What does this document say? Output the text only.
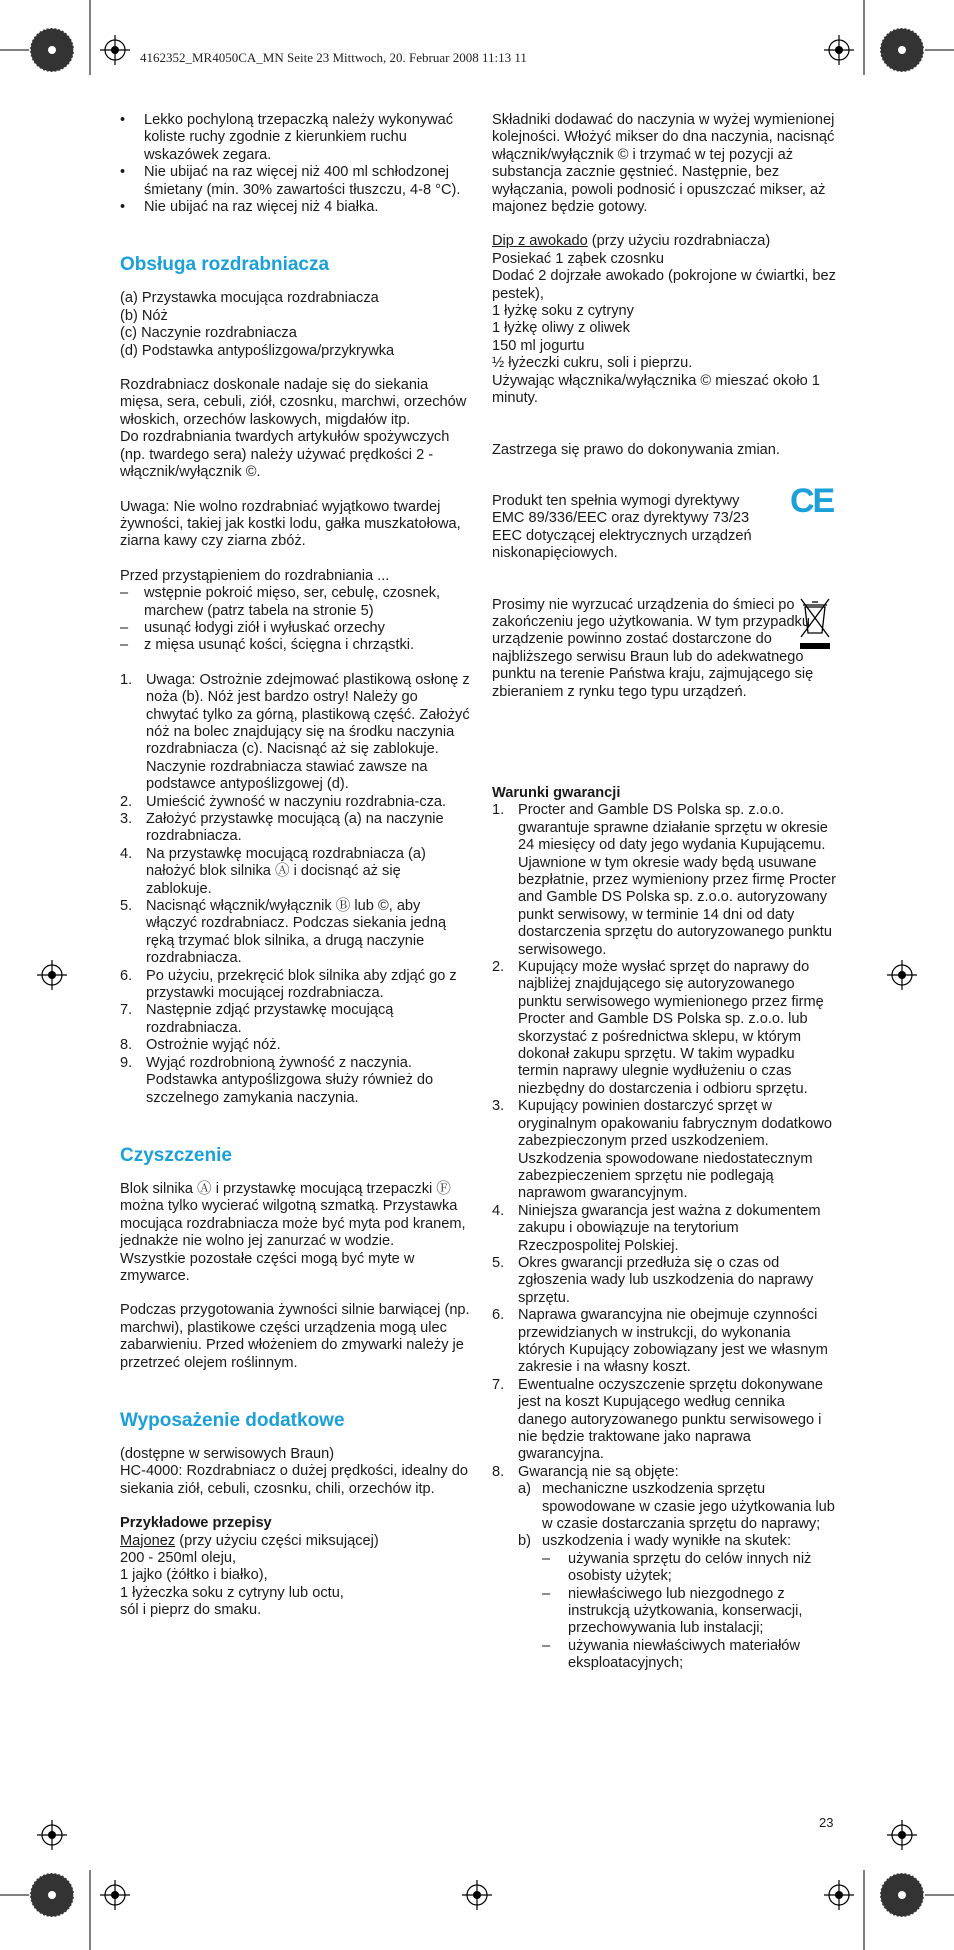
4162352_MR4050CA_MN Seite 23 Mittwoch, 20. Februar 2008 11:13 11
• Lekko pochyloną trzepaczką należy wykonywać koliste ruchy zgodnie z kierunkiem ruchu wskazówek zegara.
• Nie ubijać na raz więcej niż 400 ml schłodzonej śmietany (min. 30% zawartości tłuszczu, 4-8 °C).
• Nie ubijać na raz więcej niż 4 białka.
Obsługa rozdrabniacza

(a) Przystawka mocująca rozdrabniacza

(b) Nóż

(c) Naczynie rozdrabniacza

(d) Podstawka antypoślizgowa/przykrywka

Rozdrabniacz doskonale nadaje się do siekania mięsa, sera, cebuli, ziół, czosnku, marchwi, orzechów włoskich, orzechów laskowych, migdałów itp.

Do rozdrabniania twardych artykułów spożywczych (np. twardego sera) należy używać prędkości 2 -włącznik/wyłącznik ©.

Uwaga: Nie wolno rozdrabniać wyjątkowo twardej żywności, takiej jak kostki lodu, gałka muszkatołowa, ziarna kawy czy ziarna zbóż.

Przed przystąpieniem do rozdrabniania ...

– wstępnie pokroić mięso, ser, cebulę, czosnek, marchew (patrz tabela na stronie 5)
– usunąć łodygi ziół i wyłuskać orzechy
– z mięsa usunąć kości, ścięgna i chrząstki.
1. Uwaga: Ostrożnie zdejmować plastikową osłonę z noża (b). Nóż jest bardzo ostry! Należy go chwytać tylko za górną, plastikową część. Założyć nóż na bolec znajdujący się na środku naczynia rozdrabniacza (c). Nacisnąć aż się zablokuje. Naczynie rozdrabniacza stawiać zawsze na podstawce antypoślizgowej (d).
2. Umieścić żywność w naczyniu rozdrabnia-cza.
3. Założyć przystawkę mocującą (a) na naczynie rozdrabniacza.
4. Na przystawkę mocującą rozdrabniacza (a) nałożyć blok silnika Ⓐ i docisnąć aż się zablokuje.
5. Nacisnąć włącznik/wyłącznik Ⓑ lub ©, aby włączyć rozdrabniacz. Podczas siekania jedną ręką trzymać blok silnika, a drugą naczynie rozdrabniacza.
6. Po użyciu, przekręcić blok silnika aby zdjąć go z przystawki mocującej rozdrabniacza.
7. Następnie zdjąć przystawkę mocującą rozdrabniacza.
8. Ostrożnie wyjąć nóż.
9. Wyjąć rozdrobnioną żywność z naczynia. Podstawka antypoślizgowa służy również do szczelnego zamykania naczynia.
Czyszczenie

Blok silnika Ⓐ i przystawkę mocującą trzepaczki Ⓕ można tylko wycierać wilgotną szmatką. Przystawka mocująca rozdrabniacza może być myta pod kranem, jednakże nie wolno jej zanurzać w wodzie.

Wszystkie pozostałe części mogą być myte w zmywarce.

Podczas przygotowania żywności silnie barwiącej (np. marchwi), plastikowe części urządzenia mogą ulec zabarwieniu. Przed włożeniem do zmywarki należy je przetrzeć olejem roślinnym.

Wyposażenie dodatkowe

(dostępne w serwisowych Braun)

HC-4000: Rozdrabniacz o dużej prędkości, idealny do siekania ziół, cebuli, czosnku, chili, orzechów itp.

Przykładowe przepisy

Majonez (przy użyciu części miksującej)

200 - 250ml oleju,

1 jajko (żółtko i białko),

1 łyżeczka soku z cytryny lub octu,

sól i pieprz do smaku.

Składniki dodawać do naczynia w wyżej wymienionej kolejności. Włożyć mikser do dna naczynia, nacisnąć włącznik/wyłącznik © i trzymać w tej pozycji aż substancja zacznie gęstnieć. Następnie, bez wyłączania, powoli podnosić i opuszczać mikser, aż majonez będzie gotowy.

Dip z awokado (przy użyciu rozdrabniacza)

Posiekać 1 ząbek czosnku

Dodać 2 dojrzałe awokado (pokrojone w ćwiartki, bez pestek),

1 łyżkę soku z cytryny

1 łyżkę oliwy z oliwek

150 ml jogurtu

½ łyżeczki cukru, soli i pieprzu.

Używając włącznika/wyłącznika © mieszać około 1 minuty.

Zastrzega się prawo do dokonywania zmian.

Produkt ten spełnia wymogi dyrektywy EMC 89/336/EEC oraz dyrektywy 73/23 EEC dotyczącej elektrycznych urządzeń niskonapięciowych.

CE

Prosimy nie wyrzucać urządzenia do śmieci po zakończeniu jego użytkowania. W tym przypadku urządzenie powinno zostać dostarczone do najbliższego serwisu Braun lub do adekwatnego punktu na terenie Państwa kraju, zajmującego się zbieraniem z rynku tego typu urządzeń.

Warunki gwarancji

1. Procter and Gamble DS Polska sp. z.o.o. gwarantuje sprawne działanie sprzętu w okresie 24 miesięcy od daty jego wydania Kupującemu. Ujawnione w tym okresie wady będą usuwane bezpłatnie, przez wymieniony przez firmę Procter and Gamble DS Polska sp. z.o.o. autoryzowany punkt serwisowy, w terminie 14 dni od daty dostarczenia sprzętu do autoryzowanego punktu serwisowego.
2. Kupujący może wysłać sprzęt do naprawy do najbliżej znajdującego się autoryzowanego punktu serwisowego wymienionego przez firmę Procter and Gamble DS Polska sp. z.o.o. lub skorzystać z pośrednictwa sklepu, w którym dokonał zakupu sprzętu. W takim wypadku termin naprawy ulegnie wydłużeniu o czas niezbędny do dostarczenia i odbioru sprzętu.
3. Kupujący powinien dostarczyć sprzęt w oryginalnym opakowaniu fabrycznym dodatkowo zabezpieczonym przed uszkodzeniem. Uszkodzenia spowodowane niedostatecznym zabezpieczeniem sprzętu nie podlegają naprawom gwarancyjnym.
4. Niniejsza gwarancja jest ważna z dokumentem zakupu i obowiązuje na terytorium Rzeczpospolitej Polskiej.
5. Okres gwarancji przedłuża się o czas od zgłoszenia wady lub uszkodzenia do naprawy sprzętu.
6. Naprawa gwarancyjna nie obejmuje czynności przewidzianych w instrukcji, do wykonania których Kupujący zobowiązany jest we własnym zakresie i na własny koszt.
7. Ewentualne oczyszczenie sprzętu dokonywane jest na koszt Kupującego według cennika danego autoryzowanego punktu serwisowego i nie będzie traktowane jako naprawa gwarancyjna.
8. Gwarancją nie są objęte:
a) mechaniczne uszkodzenia sprzętu spowodowane w czasie jego użytkowania lub w czasie dostarczania sprzętu do naprawy;
b) uszkodzenia i wady wynikłe na skutek:
– używania sprzętu do celów innych niż osobisty użytek;
– niewłaściwego lub niezgodnego z instrukcją użytkowania, konserwacji, przechowywania lub instalacji;
– używania niewłaściwych materiałów eksploatacyjnych;
23
